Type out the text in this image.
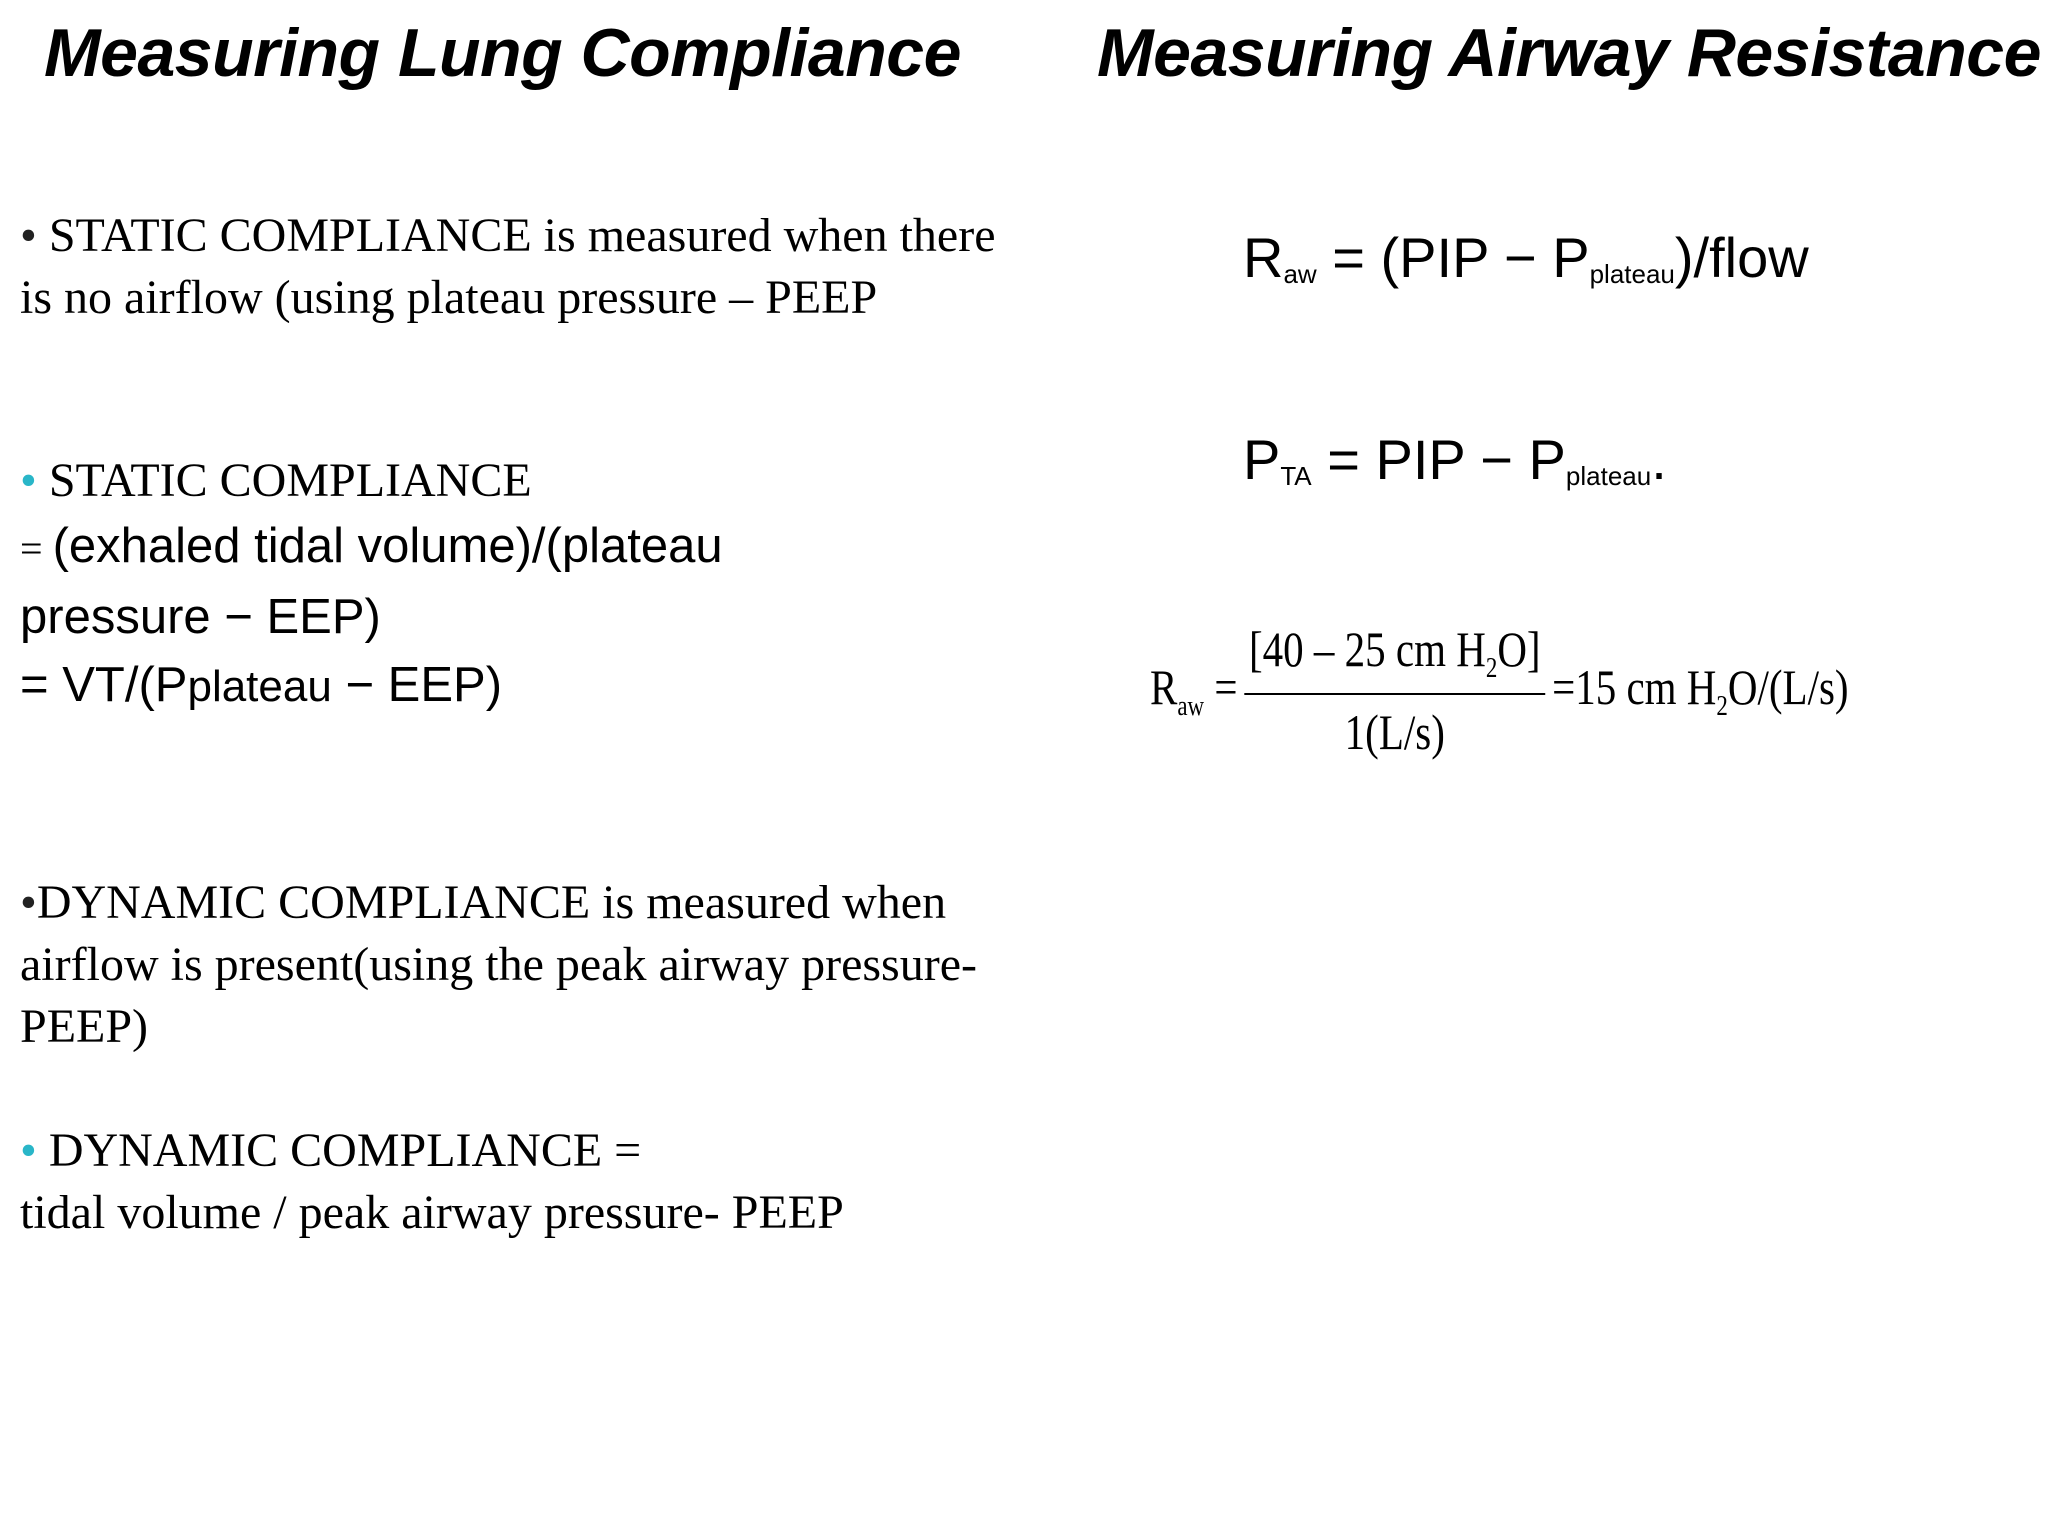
Measuring Lung Compliance Measuring Airway Resistance

• STATIC COMPLIANCE is measured when there is no airflow (using plateau pressure – PEEP

• STATIC COMPLIANCE
= (exhaled tidal volume)/(plateau pressure − EEP)
= VT/(Pplateau − EEP)

•DYNAMIC COMPLIANCE is measured when airflow is present(using the peak airway pressure- PEEP)

• DYNAMIC COMPLIANCE =
tidal volume / peak airway pressure- PEEP
$R_{aw} = (PIP$ − $P_{plateau}$)/flow
$P_{TA}$ = PIP − $P_{plateau}$.
$R_{aw} = \frac{[40 - 25 cm H_2O]}{1(L/s)} =15$ cm $H_2O/(L/s)$
